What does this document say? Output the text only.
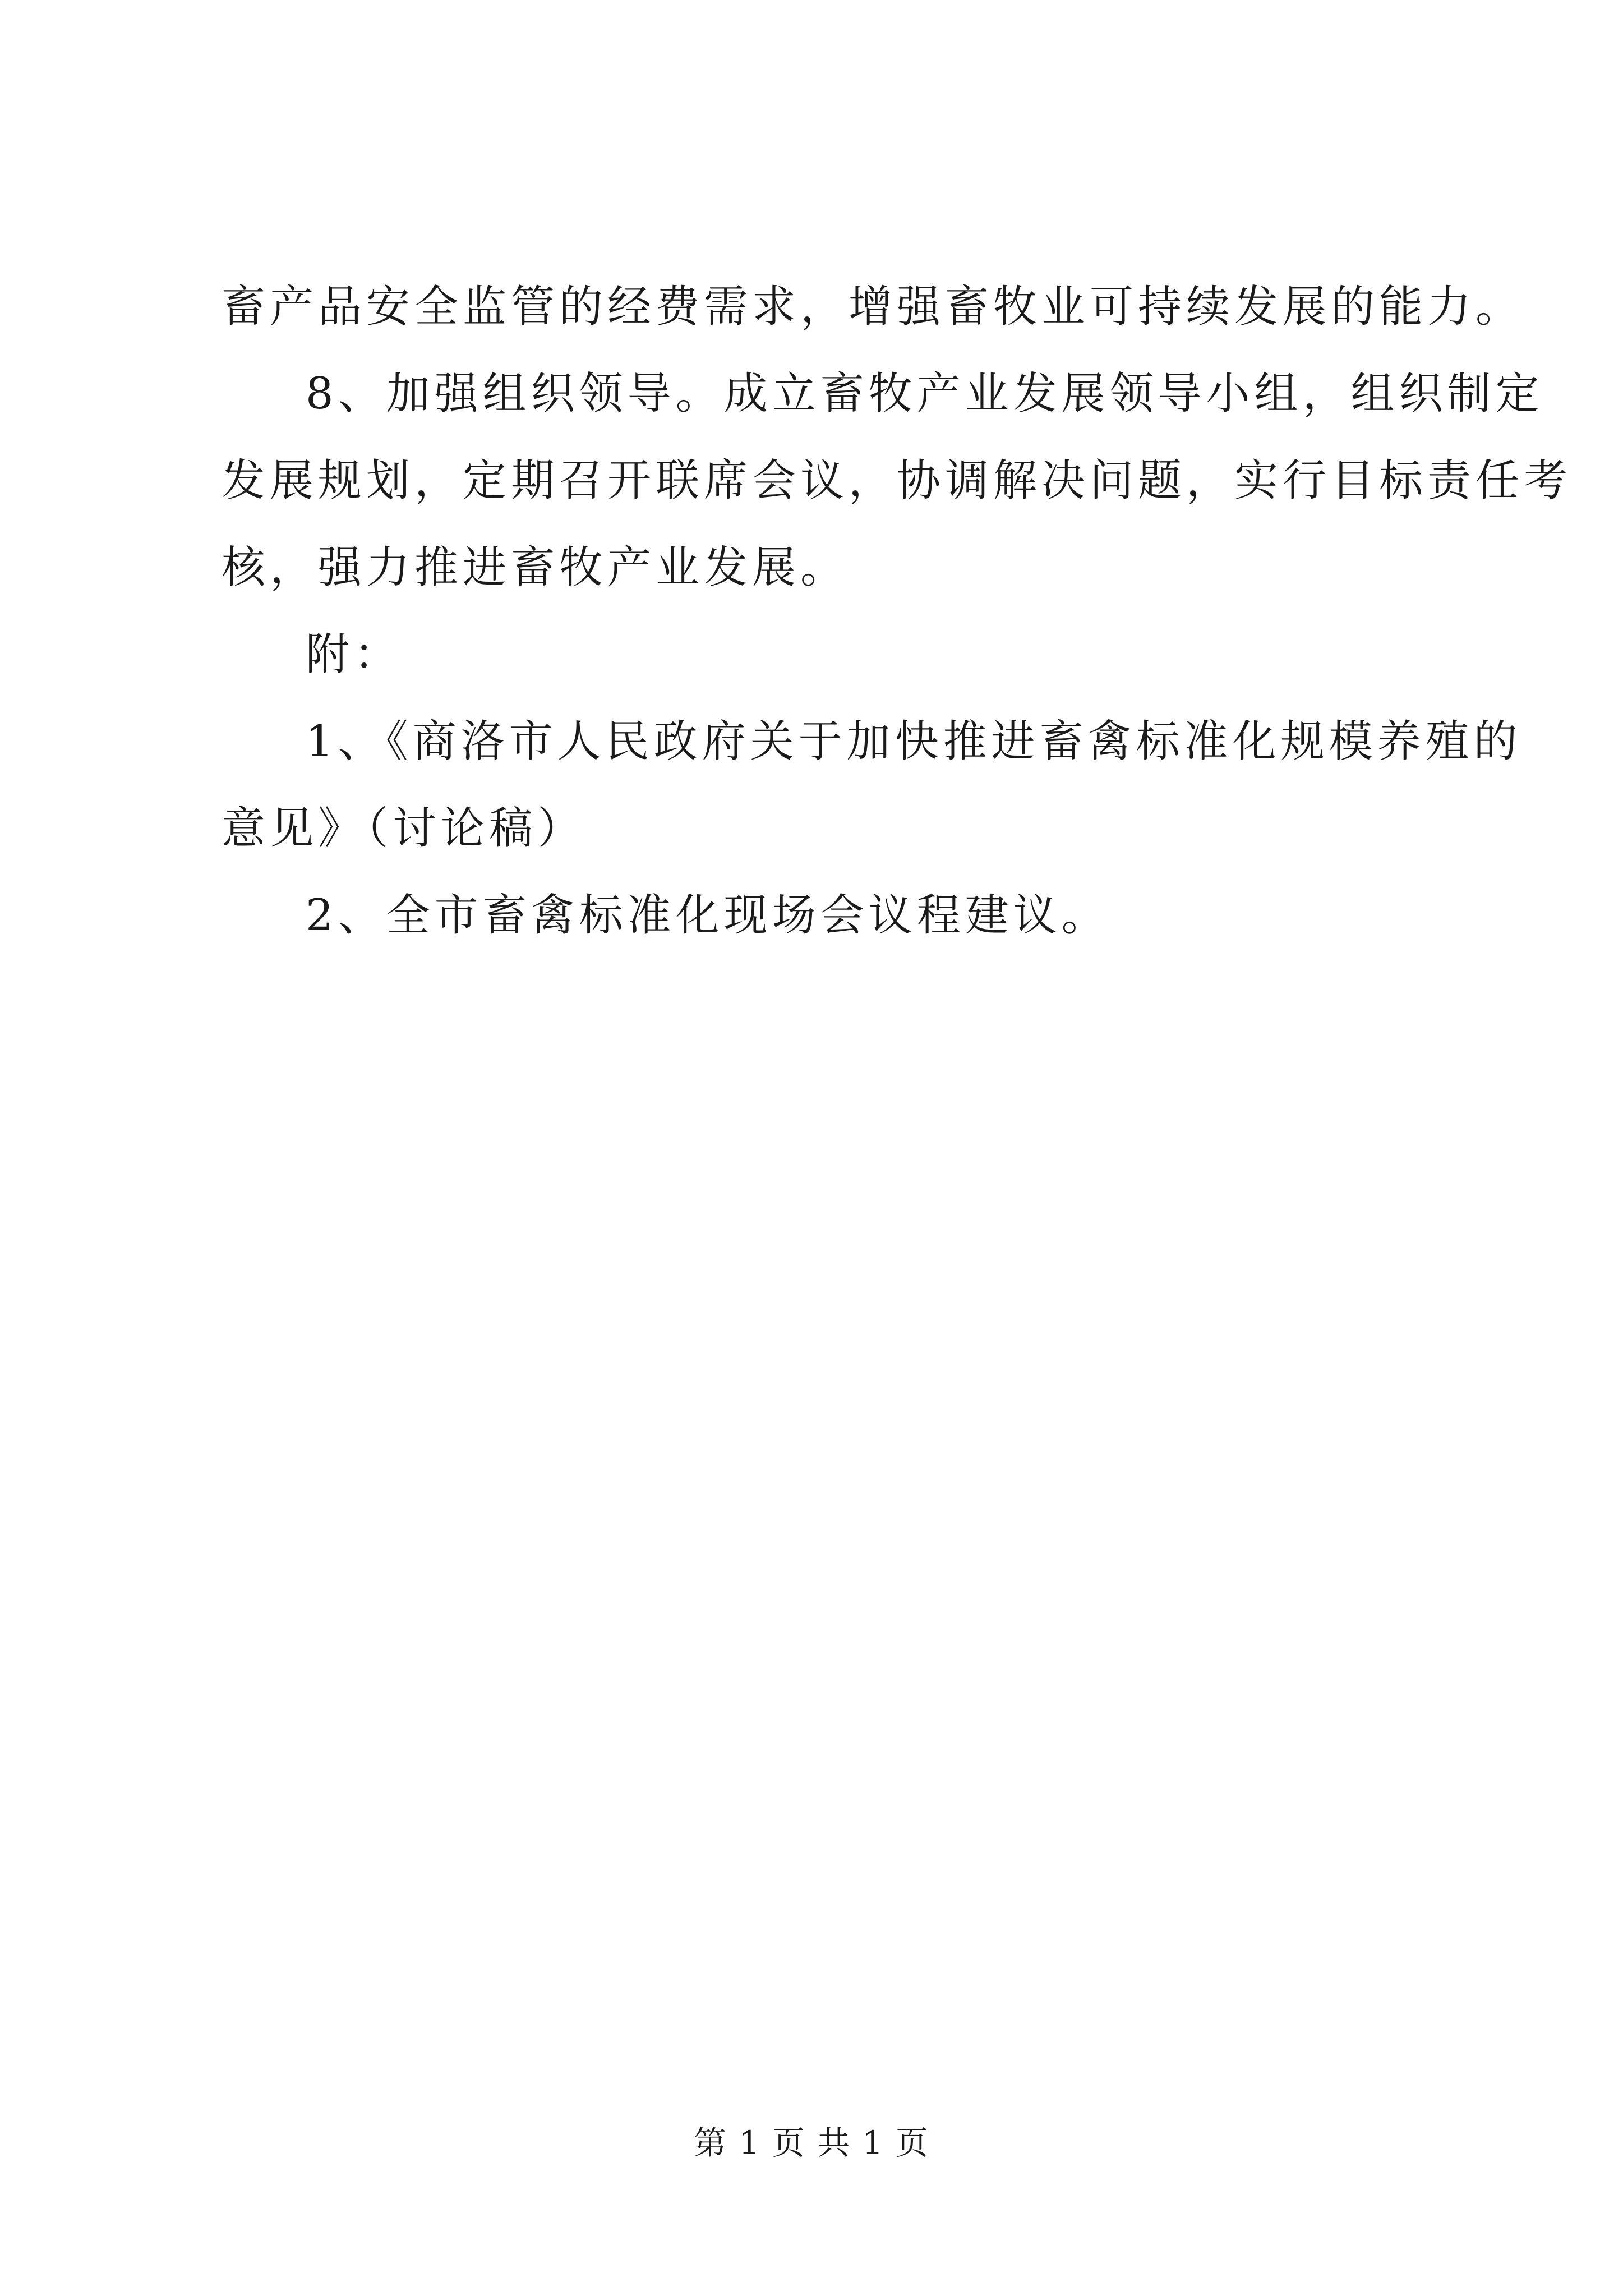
畜产品安全监管的经费需求，增强畜牧业可持续发展的能力。
8、加强组织领导。成立畜牧产业发展领导小组，组织制定
发展规划，定期召开联席会议，协调解决问题，实行目标责任考
核，强力推进畜牧产业发展。
附：
1、《商洛市人民政府关于加快推进畜禽标准化规模养殖的
意见》（讨论稿）
2、全市畜禽标准化现场会议程建议。
第 1 页 共 1 页
